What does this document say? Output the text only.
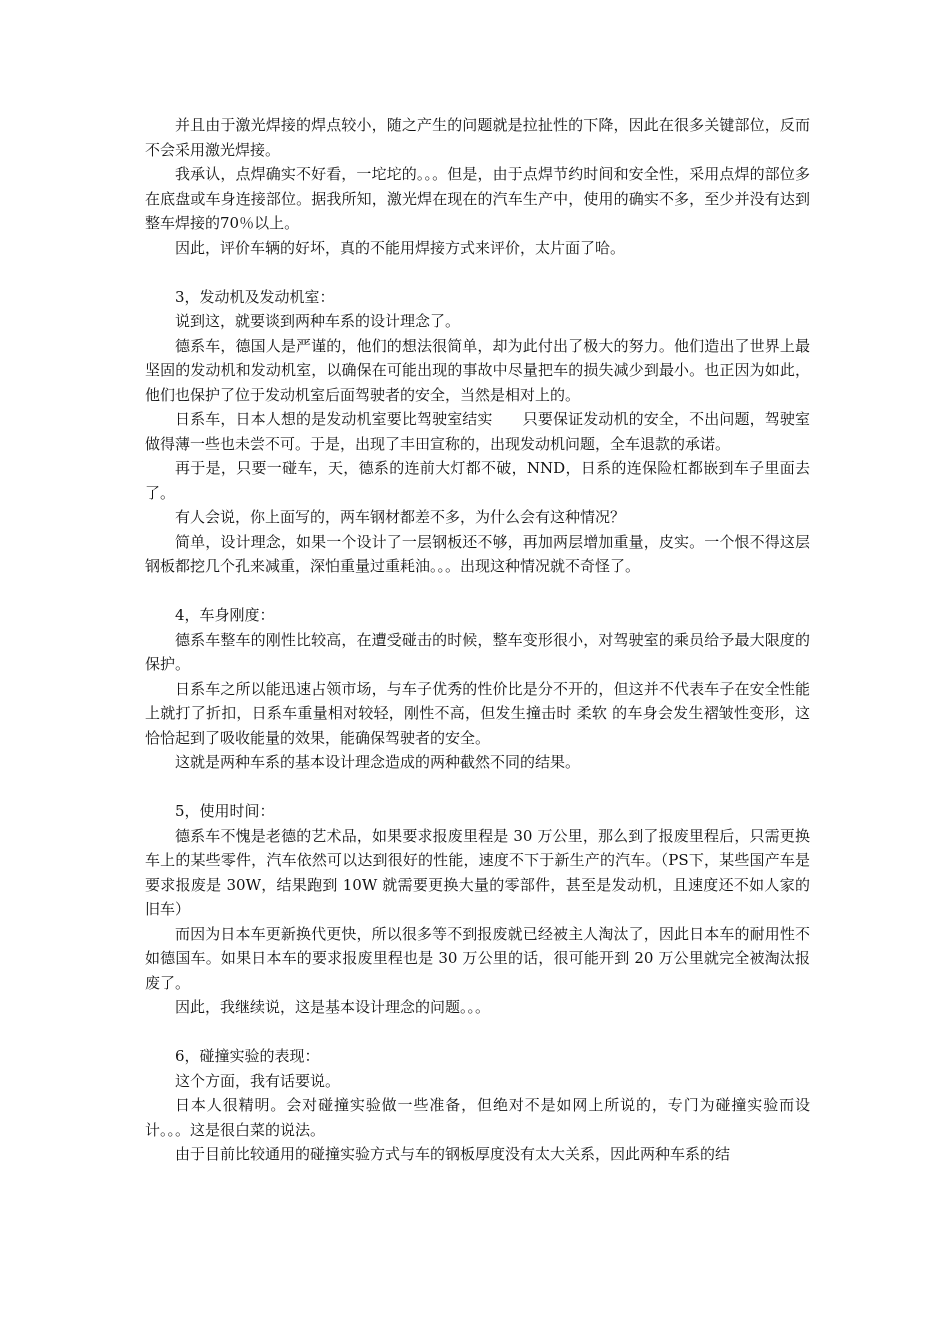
并且由于激光焊接的焊点较小，随之产生的问题就是拉扯性的下降，因此在很多关键部位，反而不会采用激光焊接。

我承认，点焊确实不好看，一坨坨的。。。但是，由于点焊节约时间和安全性，采用点焊的部位多在底盘或车身连接部位。据我所知，激光焊在现在的汽车生产中，使用的确实不多，至少并没有达到整车焊接的70％以上。

因此，评价车辆的好坏，真的不能用焊接方式来评价，太片面了哈。

3，发动机及发动机室：

说到这，就要谈到两种车系的设计理念了。

德系车，德国人是严谨的，他们的想法很简单，却为此付出了极大的努力。他们造出了世界上最坚固的发动机和发动机室，以确保在可能出现的事故中尽量把车的损失减少到最小。也正因为如此，他们也保护了位于发动机室后面驾驶者的安全，当然是相对上的。

日系车，日本人想的是发动机室要比驾驶室结实　　只要保证发动机的安全，不出问题，驾驶室做得薄一些也未尝不可。于是，出现了丰田宣称的，出现发动机问题，全车退款的承诺。

再于是，只要一碰车，天，德系的连前大灯都不破，NND，日系的连保险杠都嵌到车子里面去了。

有人会说，你上面写的，两车钢材都差不多，为什么会有这种情况？

简单，设计理念，如果一个设计了一层钢板还不够，再加两层增加重量，皮实。一个恨不得这层钢板都挖几个孔来减重，深怕重量过重耗油。。。出现这种情况就不奇怪了。

4，车身刚度：

德系车整车的刚性比较高，在遭受碰击的时候，整车变形很小，对驾驶室的乘员给予最大限度的保护。

日系车之所以能迅速占领市场，与车子优秀的性价比是分不开的，但这并不代表车子在安全性能上就打了折扣，日系车重量相对较轻，刚性不高，但发生撞击时 柔软 的车身会发生褶皱性变形，这恰恰起到了吸收能量的效果，能确保驾驶者的安全。

这就是两种车系的基本设计理念造成的两种截然不同的结果。

5，使用时间：

德系车不愧是老德的艺术品，如果要求报废里程是 30 万公里，那么到了报废里程后，只需更换车上的某些零件，汽车依然可以达到很好的性能，速度不下于新生产的汽车。（PS下，某些国产车是要求报废是 30W，结果跑到 10W 就需要更换大量的零部件，甚至是发动机，且速度还不如人家的旧车）

而因为日本车更新换代更快，所以很多等不到报废就已经被主人淘汰了，因此日本车的耐用性不如德国车。如果日本车的要求报废里程也是 30 万公里的话，很可能开到 20 万公里就完全被淘汰报废了。

因此，我继续说，这是基本设计理念的问题。。。

6，碰撞实验的表现：

这个方面，我有话要说。

日本人很精明。会对碰撞实验做一些准备，但绝对不是如网上所说的，专门为碰撞实验而设计。。。这是很白菜的说法。

由于目前比较通用的碰撞实验方式与车的钢板厚度没有太大关系，因此两种车系的结
